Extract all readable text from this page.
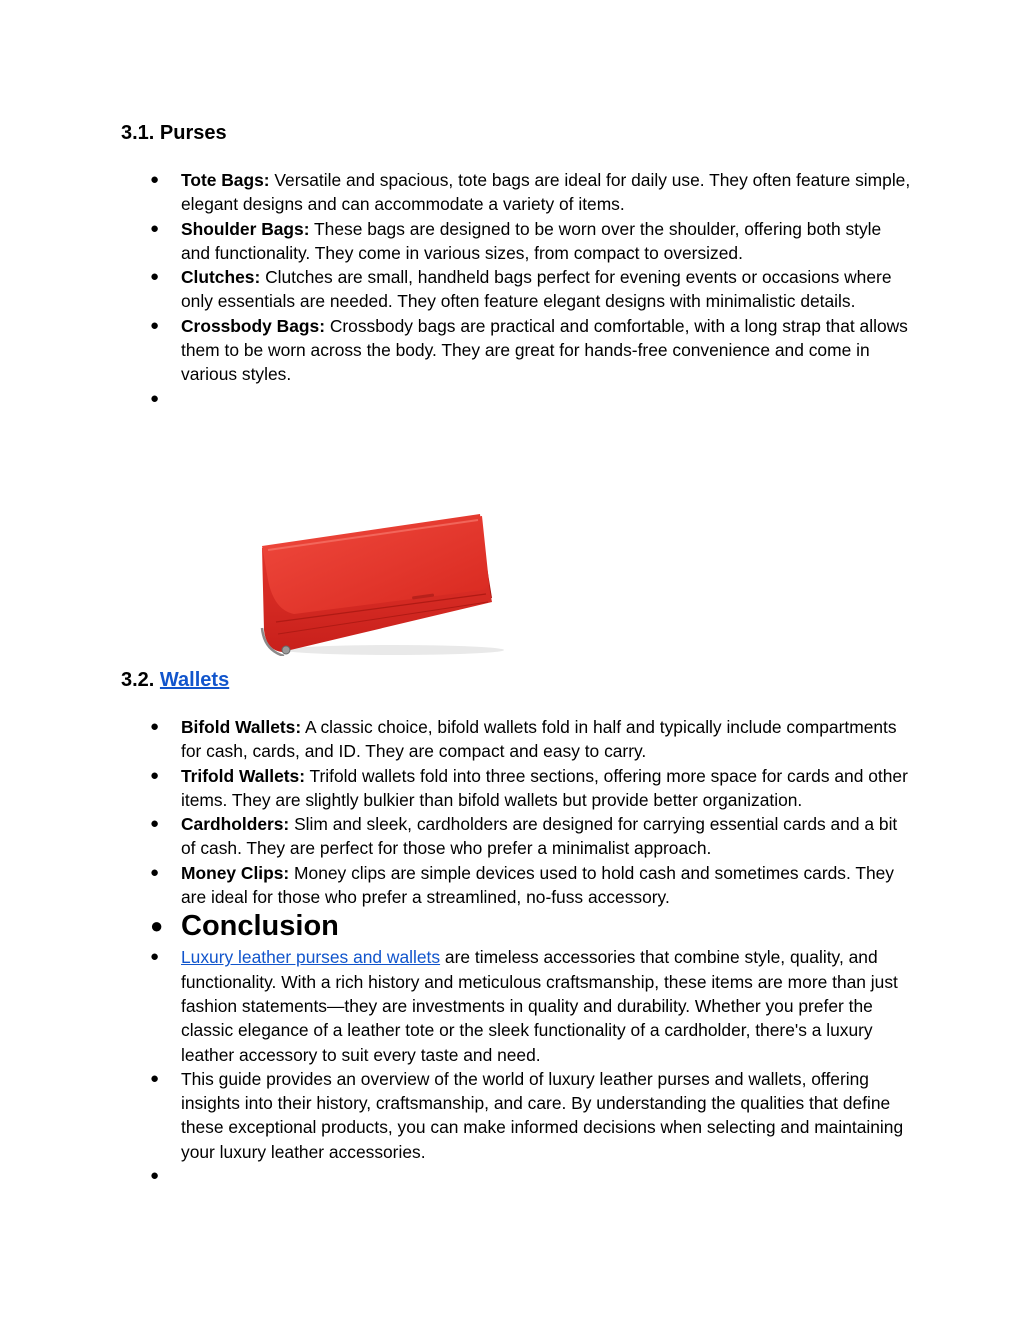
3.1. Purses
● Tote Bags: Versatile and spacious, tote bags are ideal for daily use. They often feature simple, elegant designs and can accommodate a variety of items.
● Shoulder Bags: These bags are designed to be worn over the shoulder, offering both style and functionality. They come in various sizes, from compact to oversized.
● Clutches: Clutches are small, handheld bags perfect for evening events or occasions where only essentials are needed. They often feature elegant designs with minimalistic details.
● Crossbody Bags: Crossbody bags are practical and comfortable, with a long strap that allows them to be worn across the body. They are great for hands-free convenience and come in various styles.
●

3.2. Wallets
● Bifold Wallets: A classic choice, bifold wallets fold in half and typically include compartments for cash, cards, and ID. They are compact and easy to carry.
● Trifold Wallets: Trifold wallets fold into three sections, offering more space for cards and other items. They are slightly bulkier than bifold wallets but provide better organization.
● Cardholders: Slim and sleek, cardholders are designed for carrying essential cards and a bit of cash. They are perfect for those who prefer a minimalist approach.
● Money Clips: Money clips are simple devices used to hold cash and sometimes cards. They are ideal for those who prefer a streamlined, no-fuss accessory.
● Conclusion
● Luxury leather purses and wallets are timeless accessories that combine style, quality, and functionality. With a rich history and meticulous craftsmanship, these items are more than just fashion statements—they are investments in quality and durability. Whether you prefer the classic elegance of a leather tote or the sleek functionality of a cardholder, there's a luxury leather accessory to suit every taste and need.
● This guide provides an overview of the world of luxury leather purses and wallets, offering insights into their history, craftsmanship, and care. By understanding the qualities that define these exceptional products, you can make informed decisions when selecting and maintaining your luxury leather accessories.
●
